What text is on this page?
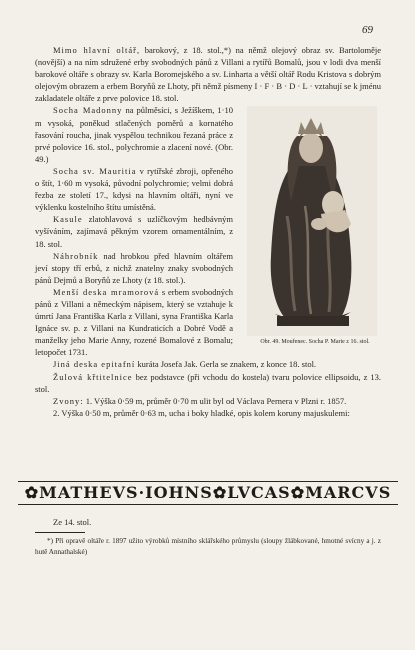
69

Mimo hlavní oltář, barokový, z 18. stol.,*) na němž olejový obraz sv. Bartoloměje (novější) a na ním sdružené erby svobodných pánů z Villani a rytířů Bomalů, jsou v lodi dva menší barokové oltáře s obrazy sv. Karla Boromejského a sv. Linharta a větší oltář Rodu Kristova s dobrým olejovým obrazem a erbem Boryňů ze Lhoty, při němž písmeny I · F · B · D · L · vztahují se k jménu zakladatele oltáře z prve polovice 18. stol.

Obr. 49. Mouřenec. Socha P. Marie z 16. stol.

Socha Madonny na půlměsíci, s Ježíškem, 1·10 m vysoká, poněkud stlačených poměrů a kornatého řasování roucha, jinak vyspělou technikou řezaná práce z prvé polovice 16. stol., polychromie a zlacení nové. (Obr. 49.)

Socha sv. Mauritia v rytířské zbroji, opřeného o štít, 1·60 m vysoká, původní polychromie; velmi dobrá řezba ze století 17., kdysi na hlavním oltáři, nyní ve výklenku kostelního štítu umístěná.

Kasule zlatohlavová s uzlíčkovým hedbávným vyšíváním, zajímavá pěkným vzorem ornamentálním, z 18. stol.

Náhrobník nad hrobkou před hlavním oltářem jeví stopy tří erbů, z nichž znatelny znaky svobodných pánů Dejmů a Boryňů ze Lhoty (z 18. stol.).

Menší deska mramorová s erbem svobodných pánů z Villani a německým nápisem, který se vztahuje k úmrtí Jana Františka Karla z Villani, syna Františka Karla Ignáce sv. p. z Villani na Kundraticích a Dobré Vodě a manželky jeho Marie Anny, rozené Bomalové z Bomalu; letopočet 1731.

Jiná deska epitafní kuráta Josefa Jak. Gerla se znakem, z konce 18. stol.

Žulová křtitelnice bez podstavce (při vchodu do kostela) tvaru polovice ellipsoidu, z 13. stol.

Zvony: 1. Výška 0·59 m, průměr 0·70 m ulit byl od Václava Pernera v Plzni r. 1857.

2. Výška 0·50 m, průměr 0·63 m, ucha i boky hladké, opis kolem koruny majuskulemi:

✿MATHEVS·IOHNS✿LVCAS✿MARCVS
Ze 14. stol.
*) Při opravě oltáře r. 1897 užito výrobků místního sklářského průmyslu (sloupy žlábkované, hmotné svícny a j. z hutě Annathalské)
